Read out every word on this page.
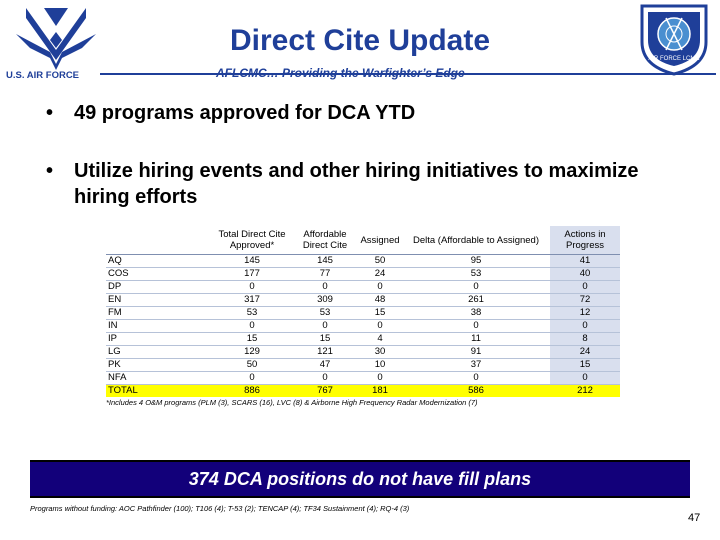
U.S. AIR FORCE
AIR FORCE LCMC
Direct Cite Update
•	49 programs approved for DCA YTD
•	Utilize hiring events and other hiring initiatives to maximize hiring efforts
	Total Direct Cite Approved*	Affordable Direct Cite	Assigned	Delta (Affordable to Assigned)	Actions in Progress
AQ	145	145	50	95	41
COS	177	77	24	53	40
DP	0	0	0	0	0
EN	317	309	48	261	72
FM	53	53	15	38	12
IN	0	0	0	0	0
IP	15	15	4	11	8
LG	129	121	30	91	24
PK	50	47	10	37	15
NFA	0	0	0	0	0
TOTAL	886	767	181	586	212
*Includes 4 O&M programs (PLM (3), SCARS (16), LVC (8) & Airborne High Frequency Radar Modernization (7)
374 DCA positions do not have fill plans
Programs without funding: AOC Pathfinder (100); T106 (4); T-53 (2); TENCAP (4); TF34 Sustainment (4); RQ-4 (3)
47
